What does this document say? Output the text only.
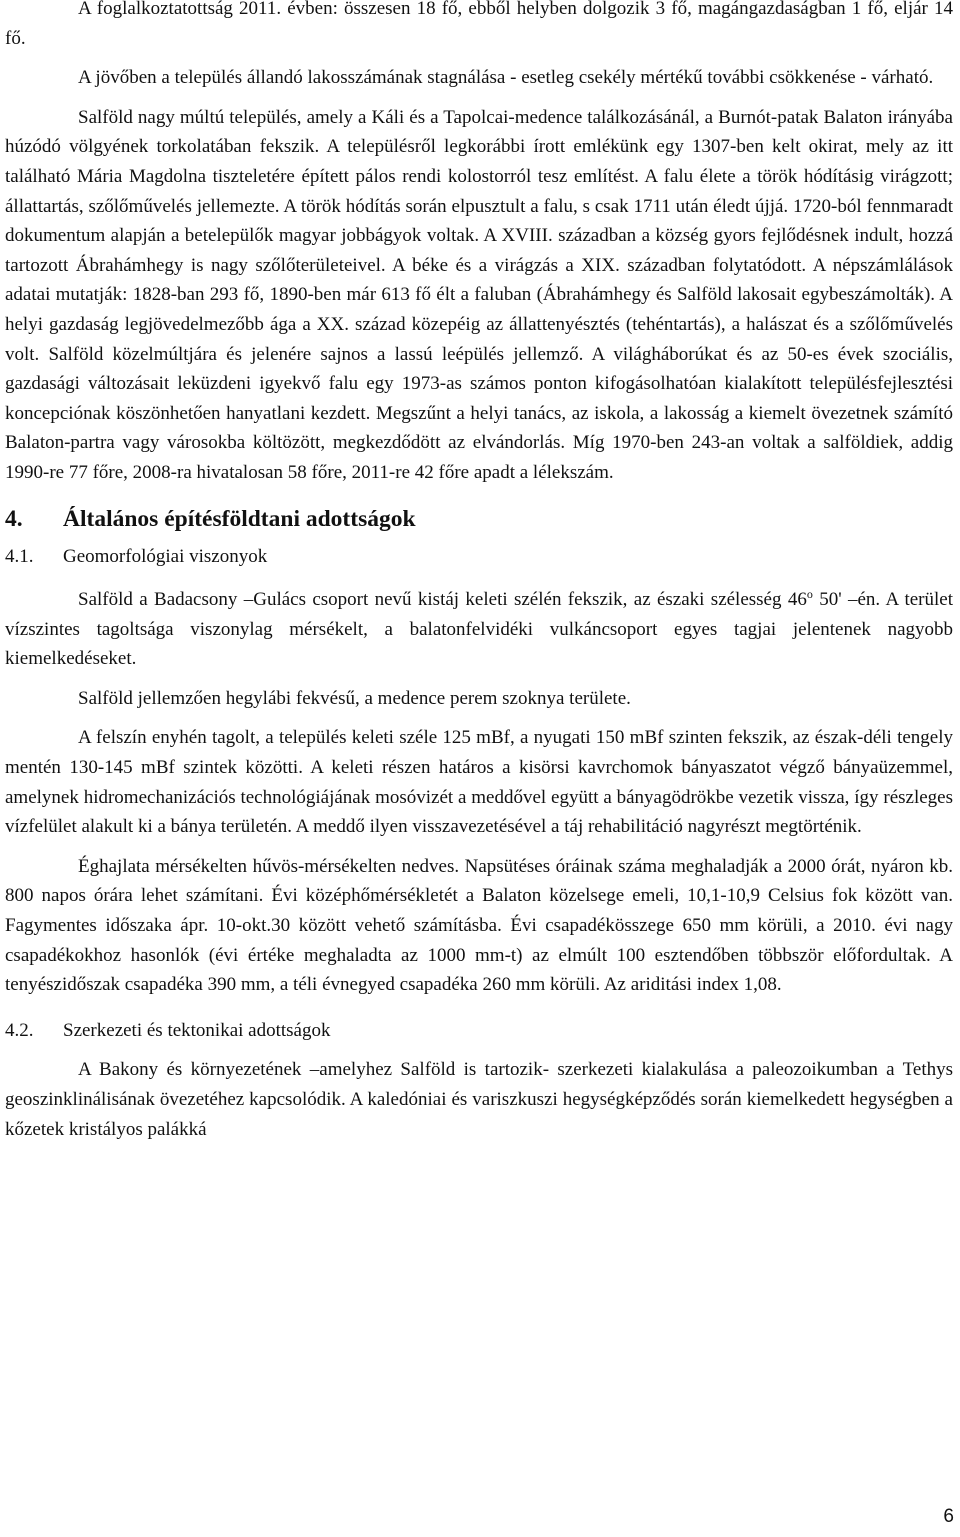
A foglalkoztatottság 2011. évben: összesen 18 fő, ebből helyben dolgozik 3 fő, magángazdaságban 1 fő, eljár 14 fő.

A jövőben a település állandó lakosszámának stagnálása - esetleg csekély mértékű további csökkenése - várható.

Salföld nagy múltú település, amely a Káli és a Tapolcai-medence találkozásánál, a Burnót-patak Balaton irányába húzódó völgyének torkolatában fekszik. A településről legkorábbi írott emlékünk egy 1307-ben kelt okirat, mely az itt található Mária Magdolna tiszteletére épített pálos rendi kolostorról tesz említést. A falu élete a török hódításig virágzott; állattartás, szőlőművelés jellemezte. A török hódítás során elpusztult a falu, s csak 1711 után éledt újjá. 1720-ból fennmaradt dokumentum alapján a betelepülők magyar jobbágyok voltak. A XVIII. században a község gyors fejlődésnek indult, hozzá tartozott Ábrahámhegy is nagy szőlőterületeivel. A béke és a virágzás a XIX. században folytatódott. A népszámlálások adatai mutatják: 1828-ban 293 fő, 1890-ben már 613 fő élt a faluban (Ábrahámhegy és Salföld lakosait egybeszámolták). A helyi gazdaság legjövedelmezőbb ága a XX. század közepéig az állattenyésztés (tehéntartás), a halászat és a szőlőművelés volt. Salföld közelmúltjára és jelenére sajnos a lassú leépülés jellemző. A világháborúkat és az 50-es évek szociális, gazdasági változásait leküzdeni igyekvő falu egy 1973-as számos ponton kifogásolhatóan kialakított településfejlesztési koncepciónak köszönhetően hanyatlani kezdett. Megszűnt a helyi tanács, az iskola, a lakosság a kiemelt övezetnek számító Balaton-partra vagy városokba költözött, megkezdődött az elvándorlás. Míg 1970-ben 243-an voltak a salföldiek, addig 1990-re 77 főre, 2008-ra hivatalosan 58 főre, 2011-re 42 főre apadt a lélekszám.

4.	Általános építésföldtani adottságok
4.1.	Geomorfológiai viszonyok

Salföld a Badacsony –Gulács csoport nevű kistáj keleti szélén fekszik, az északi szélesség 46$^o$ 50' –én. A terület vízszintes tagoltsága viszonylag mérsékelt, a balatonfelvidéki vulkáncsoport egyes tagjai jelentenek nagyobb kiemelkedéseket.

Salföld jellemzően hegylábi fekvésű, a medence perem szoknya területe.

A felszín enyhén tagolt, a település keleti széle 125 mBf, a nyugati 150 mBf szinten fekszik, az észak-déli tengely mentén 130-145 mBf szintek közötti. A keleti részen határos a kisörsi kavrchomok bányaszatot végző bányaüzemmel, amelynek hidromechanizációs technológiájának mosóvizét a meddővel együtt a bányagödrökbe vezetik vissza, így részleges vízfelület alakult ki a bánya területén. A meddő ilyen visszavezetésével a táj rehabilitáció nagyrészt megtörténik.

Éghajlata mérsékelten hűvös-mérsékelten nedves. Napsütéses óráinak száma meghaladják a 2000 órát, nyáron kb. 800 napos órára lehet számítani. Évi középhőmérsékletét a Balaton közelsege emeli, 10,1-10,9 Celsius fok között van. Fagymentes időszaka ápr. 10-okt.30 között vehető számításba. Évi csapadékösszege 650 mm körüli, a 2010. évi nagy csapadékokhoz hasonlók (évi értéke meghaladta az 1000 mm-t) az elmúlt 100 esztendőben többször előfordultak. A tenyészidőszak csapadéka 390 mm, a téli évnegyed csapadéka 260 mm körüli. Az ariditási index 1,08.

4.2.	Szerkezeti és tektonikai adottságok

A Bakony és környezetének –amelyhez Salföld is tartozik- szerkezeti kialakulása a paleozoikumban a Tethys geoszinklinálisának övezetéhez kapcsolódik. A kaledóniai és variszkuszi hegységképződés során kiemelkedett hegységben a kőzetek kristályos palákká

6
